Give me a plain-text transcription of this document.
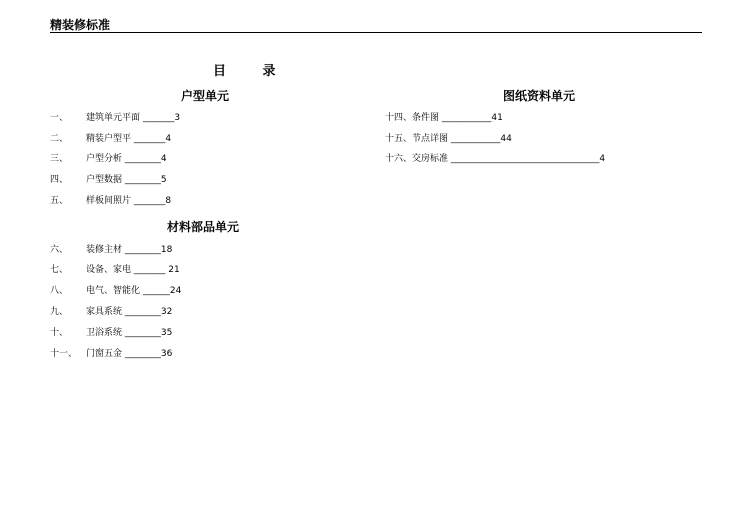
精装修标准
目 录
户型单元
一、 建筑单元平面 _______3
二、 精装户型平 _______4
三、 户型分析 ________4
四、 户型数据 ________5
五、 样板间照片 _______8
材料部品单元
六、 装修主材 ________18
七、 设备、家电 _______ 21
八、 电气、智能化 ______24
九、 家具系统 ________32
十、 卫浴系统 ________35
十一、 门窗五金 ________36
图纸资料单元
十四、条件图 ___________41
十五、节点详图 ___________44
十六、交房标准 _________________________________4
